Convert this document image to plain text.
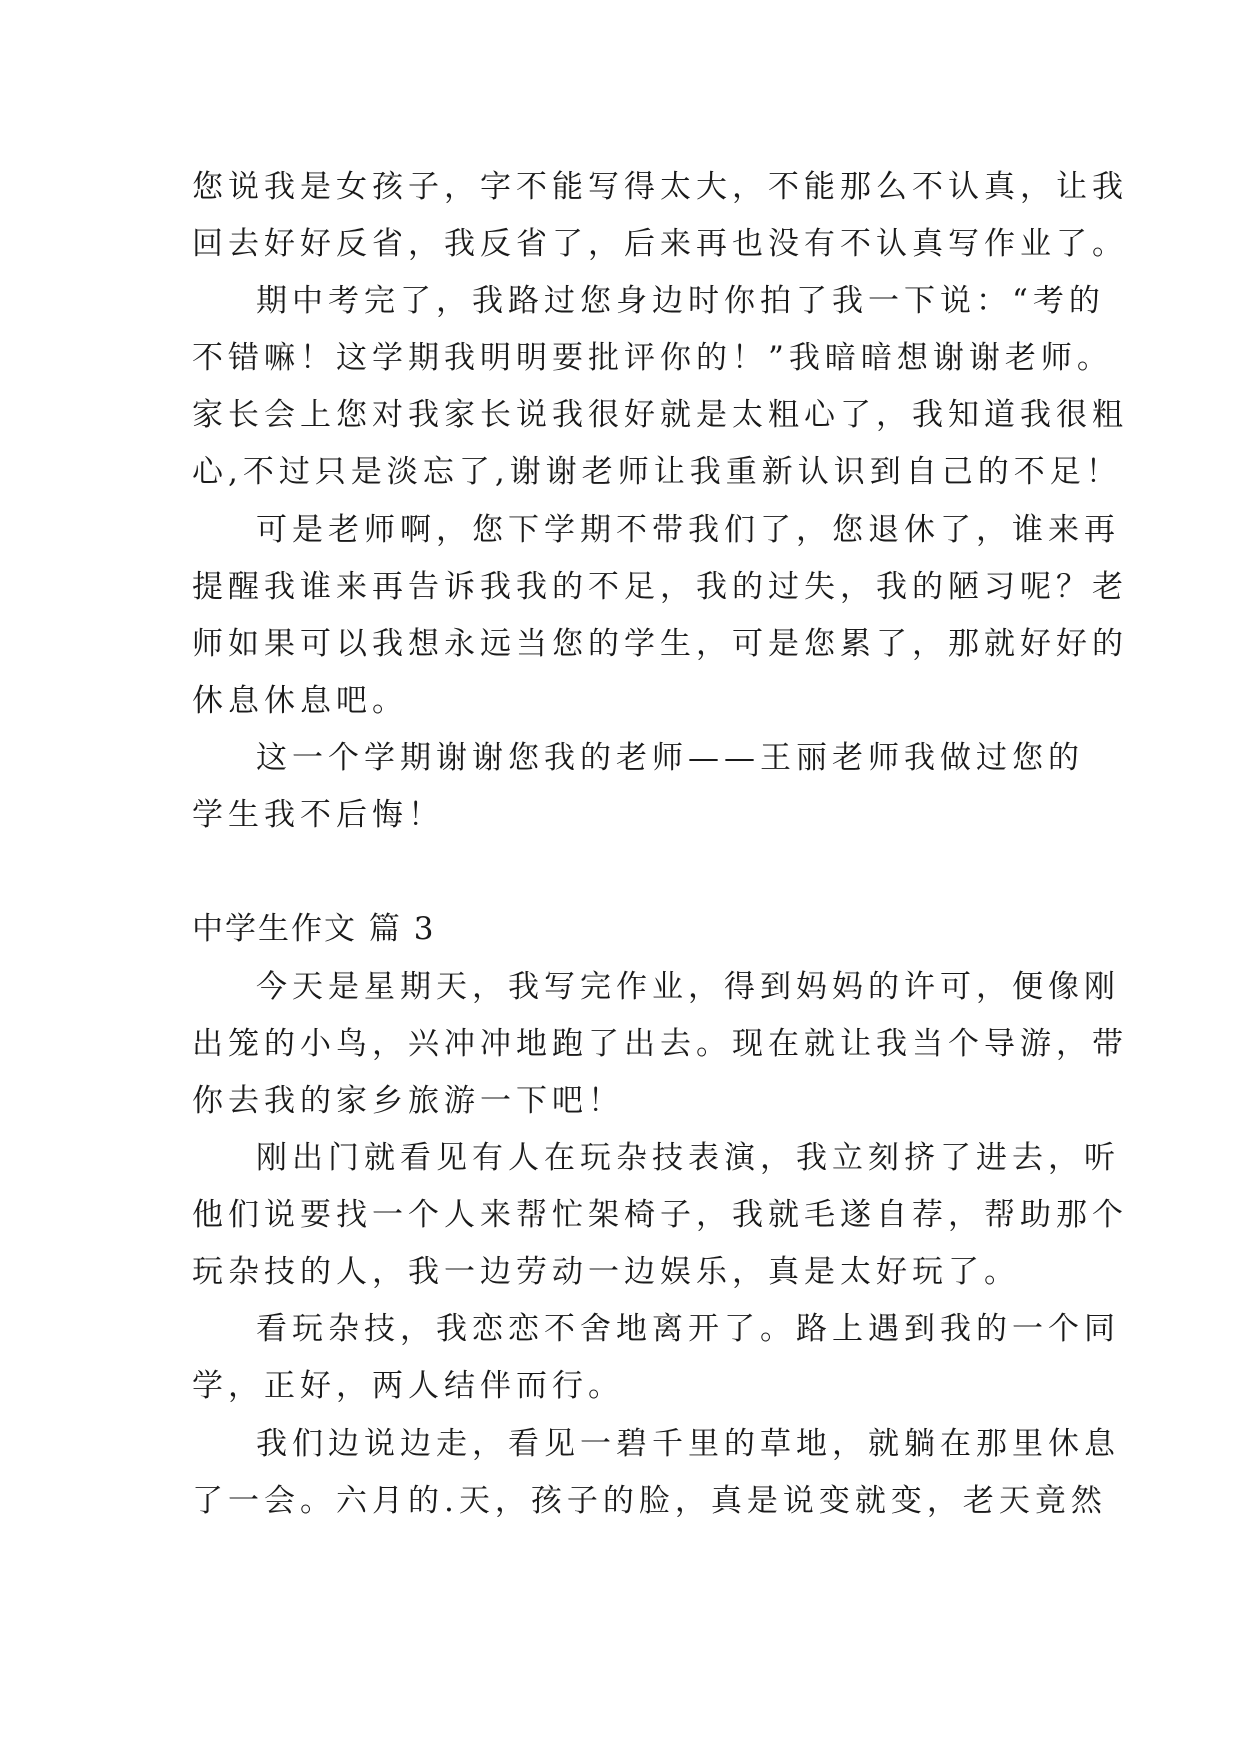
您说我是女孩子，字不能写得太大，不能那么不认真，让我

回去好好反省，我反省了，后来再也没有不认真写作业了。

期中考完了，我路过您身边时你拍了我一下说：“考的

不错嘛！这学期我明明要批评你的！”我暗暗想谢谢老师。

家长会上您对我家长说我很好就是太粗心了，我知道我很粗

心,不过只是淡忘了,谢谢老师让我重新认识到自己的不足！

可是老师啊，您下学期不带我们了，您退休了，谁来再

提醒我谁来再告诉我我的不足，我的过失，我的陋习呢？老

师如果可以我想永远当您的学生，可是您累了，那就好好的

休息休息吧。

这一个学期谢谢您我的老师——王丽老师我做过您的

学生我不后悔！

中学生作文 篇 3

今天是星期天，我写完作业，得到妈妈的许可，便像刚

出笼的小鸟，兴冲冲地跑了出去。现在就让我当个导游，带

你去我的家乡旅游一下吧！

刚出门就看见有人在玩杂技表演，我立刻挤了进去，听

他们说要找一个人来帮忙架椅子，我就毛遂自荐，帮助那个

玩杂技的人，我一边劳动一边娱乐，真是太好玩了。

看玩杂技，我恋恋不舍地离开了。路上遇到我的一个同

学，正好，两人结伴而行。

我们边说边走，看见一碧千里的草地，就躺在那里休息

了一会。六月的.天，孩子的脸，真是说变就变，老天竟然
